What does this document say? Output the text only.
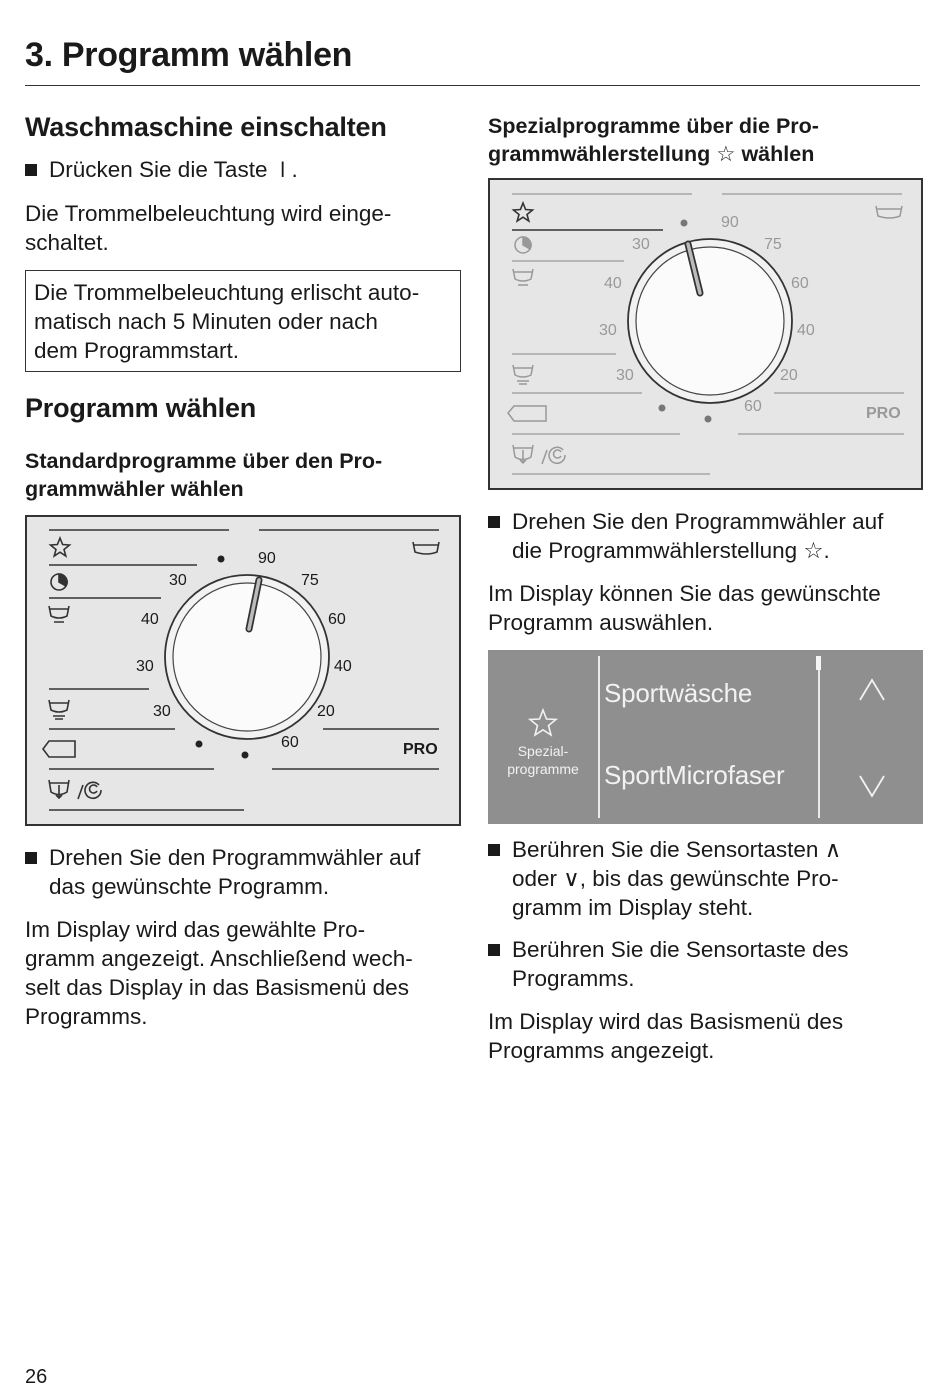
3. Programm wählen
Waschmaschine einschalten
Drücken Sie die Taste ⏽.
Die Trommelbeleuchtung wird einge-
schaltet.
Die Trommelbeleuchtung erlischt auto-
matisch nach 5 Minuten oder nach
dem Programmstart.
Programm wählen
Standardprogramme über den Pro-
grammwähler wählen
90
75
60
40
20
60
30
40
30
30
PRO
Drehen Sie den Programmwähler auf
das gewünschte Programm.
Im Display wird das gewählte Pro-
gramm angezeigt. Anschließend wech-
selt das Display in das Basismenü des
Programms.
Spezialprogramme über die Pro-
grammwählerstellung ☆ wählen
90
75
60
40
20
60
30
40
30
30
PRO
Drehen Sie den Programmwähler auf
die Programmwählerstellung ☆.
Im Display können Sie das gewünschte
Programm auswählen.
Spezial-
programme
Sportwäsche
SportMicrofaser
Berühren Sie die Sensortasten ∧
oder ∨, bis das gewünschte Pro-
gramm im Display steht.
Berühren Sie die Sensortaste des
Programms.
Im Display wird das Basismenü des
Programms angezeigt.
26
